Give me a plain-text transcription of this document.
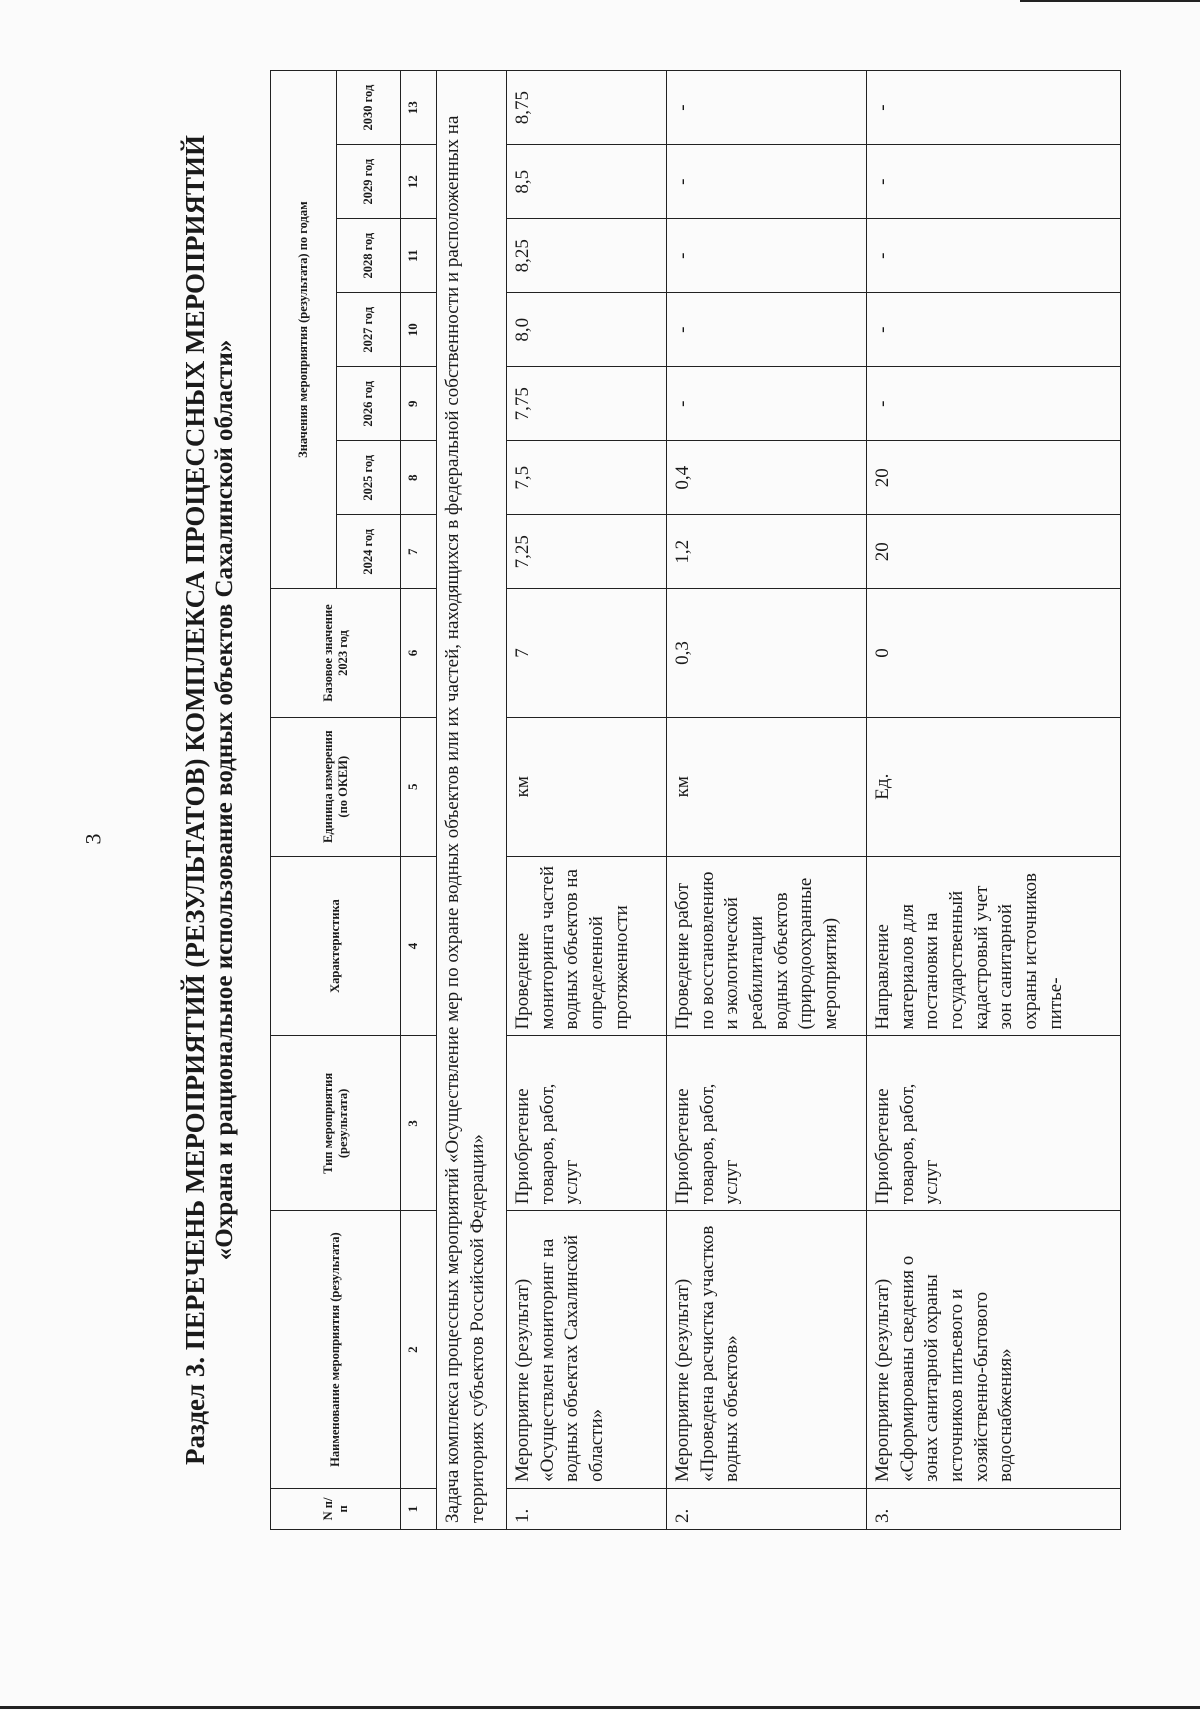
3	Раздел 3. ПЕРЕЧЕНЬ МЕРОПРИЯТИЙ (РЕЗУЛЬТАТОВ) КОМПЛЕКСА ПРОЦЕССНЫХ МЕРОПРИЯТИЙ «Охрана и рациональное использование водных объектов Сахалинской области»
N п/п	Наименование мероприятия (результата)	Тип мероприятия (результата)	Характеристика	Единица измерения (по ОКЕИ)	Базовое значение 2023 год	Значения мероприятия (результата) по годам						
						2024 год	2025 год	2026 год	2027 год	2028 год	2029 год	2030 год
1	2	3	4	5	6	7	8	9	10	11	12	13
Задача комплекса процессных мероприятий «Осуществление мер по охране водных объектов или их частей, находящихся в федеральной собственности и расположенных на территориях субъектов Российской Федерации»												
1.	Мероприятие (результат) «Осуществлен мониторинг на водных объектах Сахалинской области»	Приобретение товаров, работ, услуг	Проведение мониторинга частей водных объектов на определенной протяженности	км	7	7,25	7,5	7,75	8,0	8,25	8,5	8,75
2.	Мероприятие (результат) «Проведена расчистка участков водных объектов»	Приобретение товаров, работ, услуг	Проведение работ по восстановлению и экологической реабилитации водных объектов (природоохранные мероприятия)	км	0,3	1,2	0,4	-	-	-	-	-
3.	Мероприятие (результат) «Сформированы сведения о зонах санитарной охраны источников питьевого и хозяйственно-бытового водоснабжения»	Приобретение товаров, работ, услуг	Направление материалов для постановки на государственный кадастровый учет зон санитарной охраны источников питье-	Ед.	0	20	20	-	-	-	-	-
